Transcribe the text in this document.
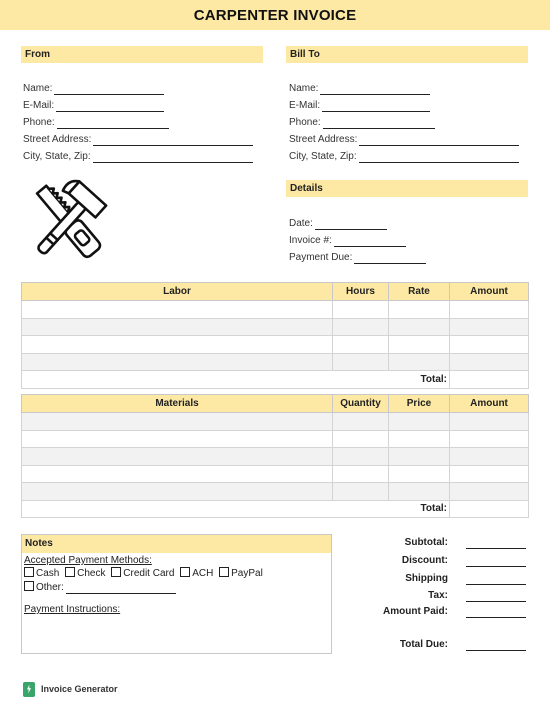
CARPENTER INVOICE
From
Name:
E-Mail:
Phone:
Street Address:
City, State, Zip:
Bill To
Name:
E-Mail:
Phone:
Street Address:
City, State, Zip:
Details
Date:
Invoice #:
Payment Due:
Labor	Hours	Rate	Amount

Total:			
Materials	Quantity	Price	Amount

Total:			
Notes
Accepted Payment Methods:
Cash Check Credit Card ACH PayPal
Other:
Payment Instructions:
Subtotal:
Discount:
Shipping
Tax:
Amount Paid:
Total Due:
Invoice Generator
